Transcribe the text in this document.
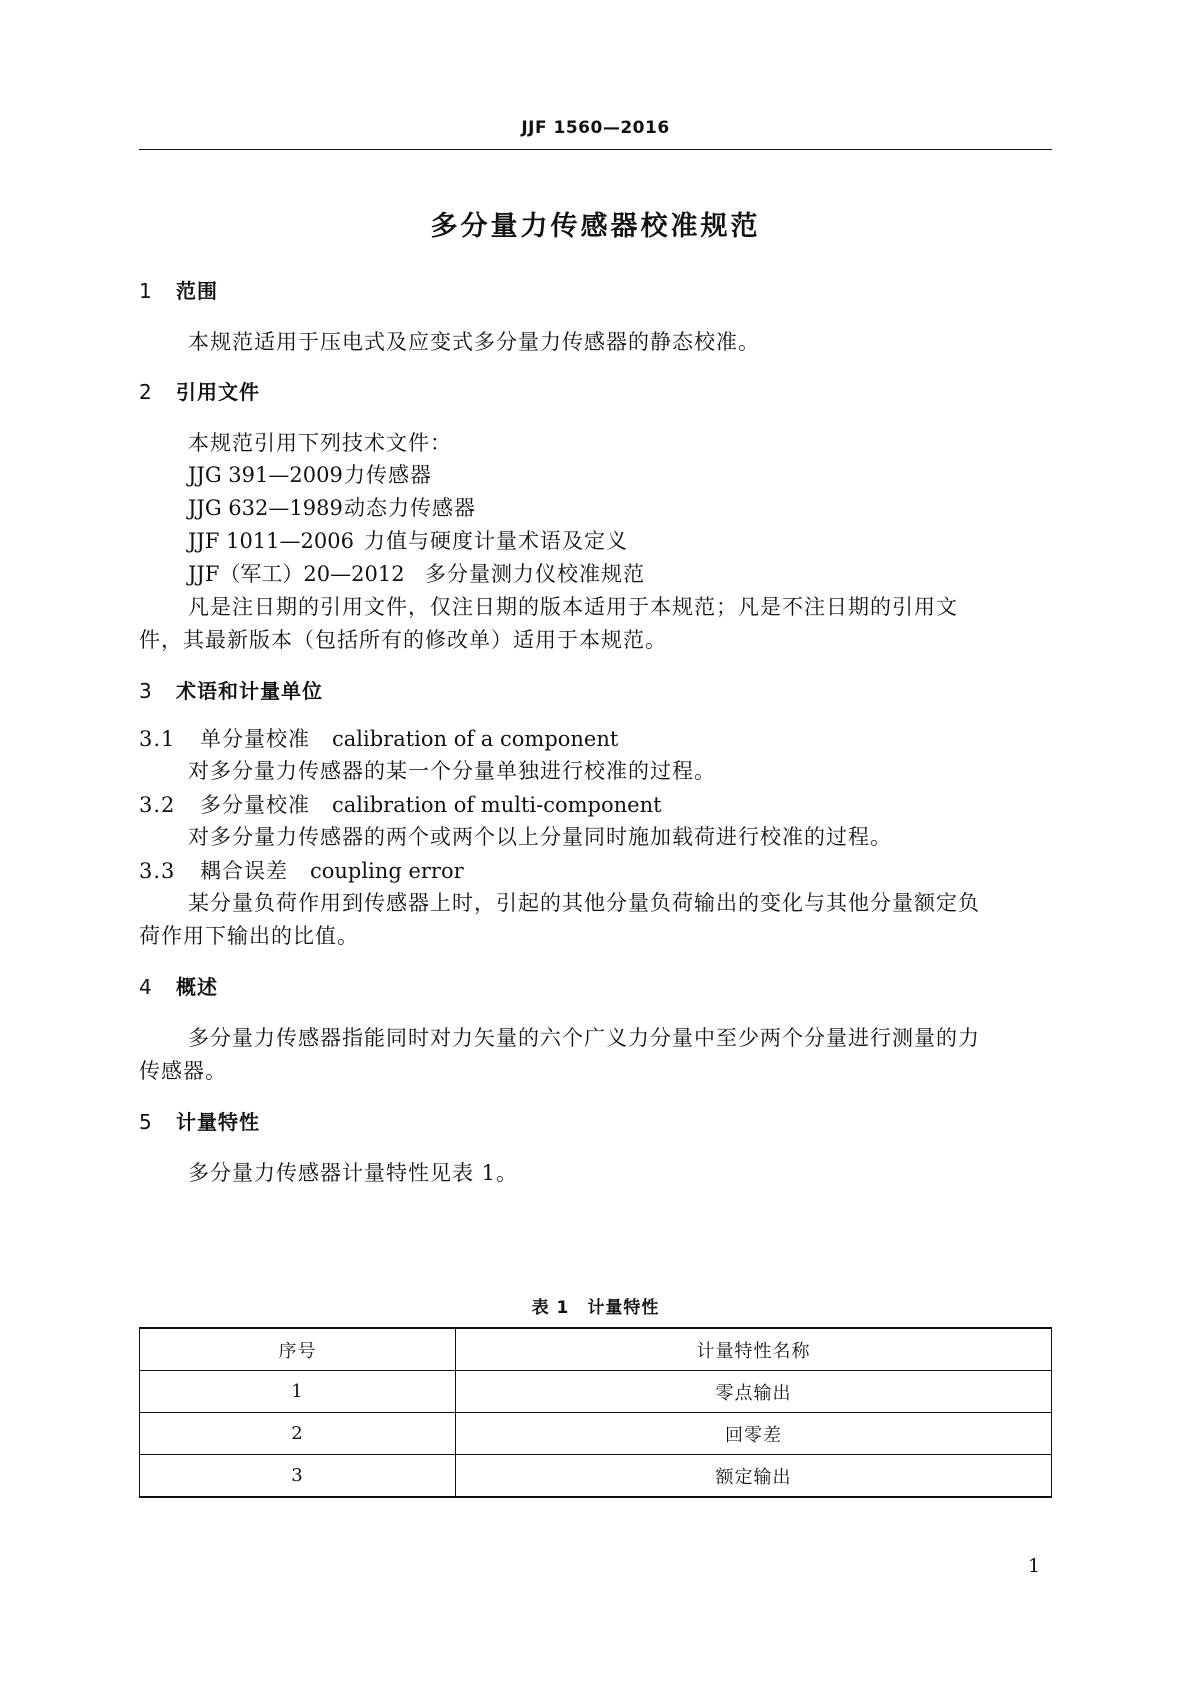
JJF 1560—2016
多分量力传感器校准规范
1 范围
本规范适用于压电式及应变式多分量力传感器的静态校准。
2 引用文件
本规范引用下列技术文件：
JJG 391—2009力传感器
JJG 632—1989动态力传感器
JJF 1011—2006 力值与硬度计量术语及定义
JJF（军工）20—2012 多分量测力仪校准规范
凡是注日期的引用文件，仅注日期的版本适用于本规范；凡是不注日期的引用文
件，其最新版本（包括所有的修改单）适用于本规范。
3 术语和计量单位
3.1 单分量校准 calibration of a component
对多分量力传感器的某一个分量单独进行校准的过程。
3.2 多分量校准 calibration of multi-component
对多分量力传感器的两个或两个以上分量同时施加载荷进行校准的过程。
3.3 耦合误差 coupling error
某分量负荷作用到传感器上时，引起的其他分量负荷输出的变化与其他分量额定负
荷作用下输出的比值。
4 概述
多分量力传感器指能同时对力矢量的六个广义力分量中至少两个分量进行测量的力
传感器。
5 计量特性
多分量力传感器计量特性见表 1。
表 1　计量特性
序号	计量特性名称
1	零点输出
2	回零差
3	额定输出
1
